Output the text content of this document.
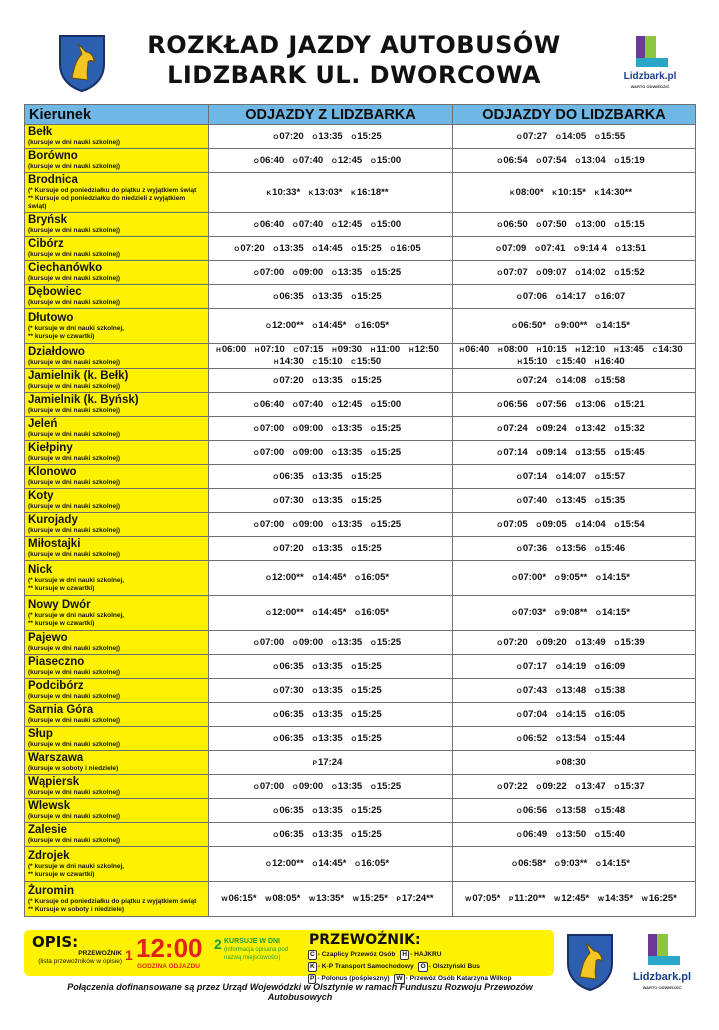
ROZKŁAD JAZDY AUTOBUSÓW
LIDZBARK UL. DWORCOWA	Lidzbark.pl
WARTO ODWIEDZIĆ
Kierunek	ODJAZDY Z LIDZBARKA	ODJAZDY DO LIDZBARKA

Bełk
(kursuje w dni nauki szkolnej)	O07:20 O13:35 O15:25	O07:27 O14:05 O15:55

Borówno
(kursuje w dni nauki szkolnej)	O06:40 O07:40 O12:45 O15:00	O06:54 O07:54 O13:04 O15:19

Brodnica
(* Kursuje od poniedziałku do piątku z wyjątkiem świąt
** Kursuje od poniedziałku do niedzieli z wyjątkiem świąt)	K10:33* K13:03* K16:18**	K08:00* K10:15* K14:30**

Bryńsk
(kursuje w dni nauki szkolnej)	O06:40 O07:40 O12:45 O15:00	O06:50 O07:50 O13:00 O15:15

Cibórz
(kursuje w dni nauki szkolnej)	O07:20 O13:35 O14:45 O15:25 O16:05	O07:09 O07:41 O9:14 4 O13:51

Ciechanówko
(kursuje w dni nauki szkolnej)	O07:00 O09:00 O13:35 O15:25	O07:07 O09:07 O14:02 O15:52

Dębowiec
(kursuje w dni nauki szkolnej)	O06:35 O13:35 O15:25	O07:06 O14:17 O16:07

Dłutowo
(* kursuje w dni nauki szkolnej,
** kursuje w czwartki)	O12:00** O14:45* O16:05*	O06:50* O9:00** O14:15*

Działdowo
(kursuje w dni nauki szkolnej)	H06:00 H07:10 C07:15 H09:30 H11:00 H12:50 H14:30 C15:10 C15:50	H06:40 H08:00 H10:15 H12:10 H13:45 C14:30 H15:10 C15:40 H16:40

Jamielnik (k. Bełk)
(kursuje w dni nauki szkolnej)	O07:20 O13:35 O15:25	O07:24 O14:08 O15:58

Jamielnik (k. Byńsk)
(kursuje w dni nauki szkolnej)	O06:40 O07:40 O12:45 O15:00	O06:56 O07:56 O13:06 O15:21

Jeleń
(kursuje w dni nauki szkolnej)	O07:00 O09:00 O13:35 O15:25	O07:24 O09:24 O13:42 O15:32

Kiełpiny
(kursuje w dni nauki szkolnej)	O07:00 O09:00 O13:35 O15:25	O07:14 O09:14 O13:55 O15:45

Klonowo
(kursuje w dni nauki szkolnej)	O06:35 O13:35 O15:25	O07:14 O14:07 O15:57

Koty
(kursuje w dni nauki szkolnej)	O07:30 O13:35 O15:25	O07:40 O13:45 O15:35

Kurojady
(kursuje w dni nauki szkolnej)	O07:00 O09:00 O13:35 O15:25	O07:05 O09:05 O14:04 O15:54

Miłostajki
(kursuje w dni nauki szkolnej)	O07:20 O13:35 O15:25	O07:36 O13:56 O15:46

Nick
(* kursuje w dni nauki szkolnej,
** kursuje w czwartki)	O12:00** O14:45* O16:05*	O07:00* O9:05** O14:15*

Nowy Dwór
(* kursuje w dni nauki szkolnej,
** kursuje w czwartki)	O12:00** O14:45* O16:05*	O07:03* O9:08** O14:15*

Pajewo
(kursuje w dni nauki szkolnej)	O07:00 O09:00 O13:35 O15:25	O07:20 O09:20 O13:49 O15:39

Piaseczno
(kursuje w dni nauki szkolnej)	O06:35 O13:35 O15:25	O07:17 O14:19 O16:09

Podcibórz
(kursuje w dni nauki szkolnej)	O07:30 O13:35 O15:25	O07:43 O13:48 O15:38

Sarnia Góra
(kursuje w dni nauki szkolnej)	O06:35 O13:35 O15:25	O07:04 O14:15 O16:05

Słup
(kursuje w dni nauki szkolnej)	O06:35 O13:35 O15:25	O06:52 O13:54 O15:44

Warszawa
(kursuje w soboty i niedziele)	P17:24	P08:30

Wąpiersk
(kursuje w dni nauki szkolnej)	O07:00 O09:00 O13:35 O15:25	O07:22 O09:22 O13:47 O15:37

Wlewsk
(kursuje w dni nauki szkolnej)	O06:35 O13:35 O15:25	O06:56 O13:58 O15:48

Zalesie
(kursuje w dni nauki szkolnej)	O06:35 O13:35 O15:25	O06:49 O13:50 O15:40

Zdrojek
(* kursuje w dni nauki szkolnej,
** kursuje w czwartki)	O12:00** O14:45* O16:05*	O06:58* O9:03** O14:15*

Żuromin
(* Kursuje od poniedziałku do piątku z wyjątkiem świąt
** Kursuje w soboty i niedziele)	W06:15* W08:05* W13:35* W15:25* P17:24**	W07:05* P11:20** W12:45* W14:35* W16:25*
OPIS:
PRZEWOŹNIK
(lista przewoźników w opisie) 1 12:00
GODZINA ODJAZDU
2 KURSUJE W DNI
(informacja opisana pod nazwą miejscowości)
PRZEWOŹNIK:
C - Czaplicy Przewóz Osób H - HAJKRU K - K-P Transport Samochodowy O - Olsztyński Bus P - Polonus (pośpieszny) W - Przewóz Osób Katarzyna Wilkop	Lidzbark.pl
WARTO ODWIEDZIĆ
Połączenia dofinansowane są przez Urząd Wojewódzki w Olsztynie w ramach Funduszu Rozwoju Przewozów Autobusowych
